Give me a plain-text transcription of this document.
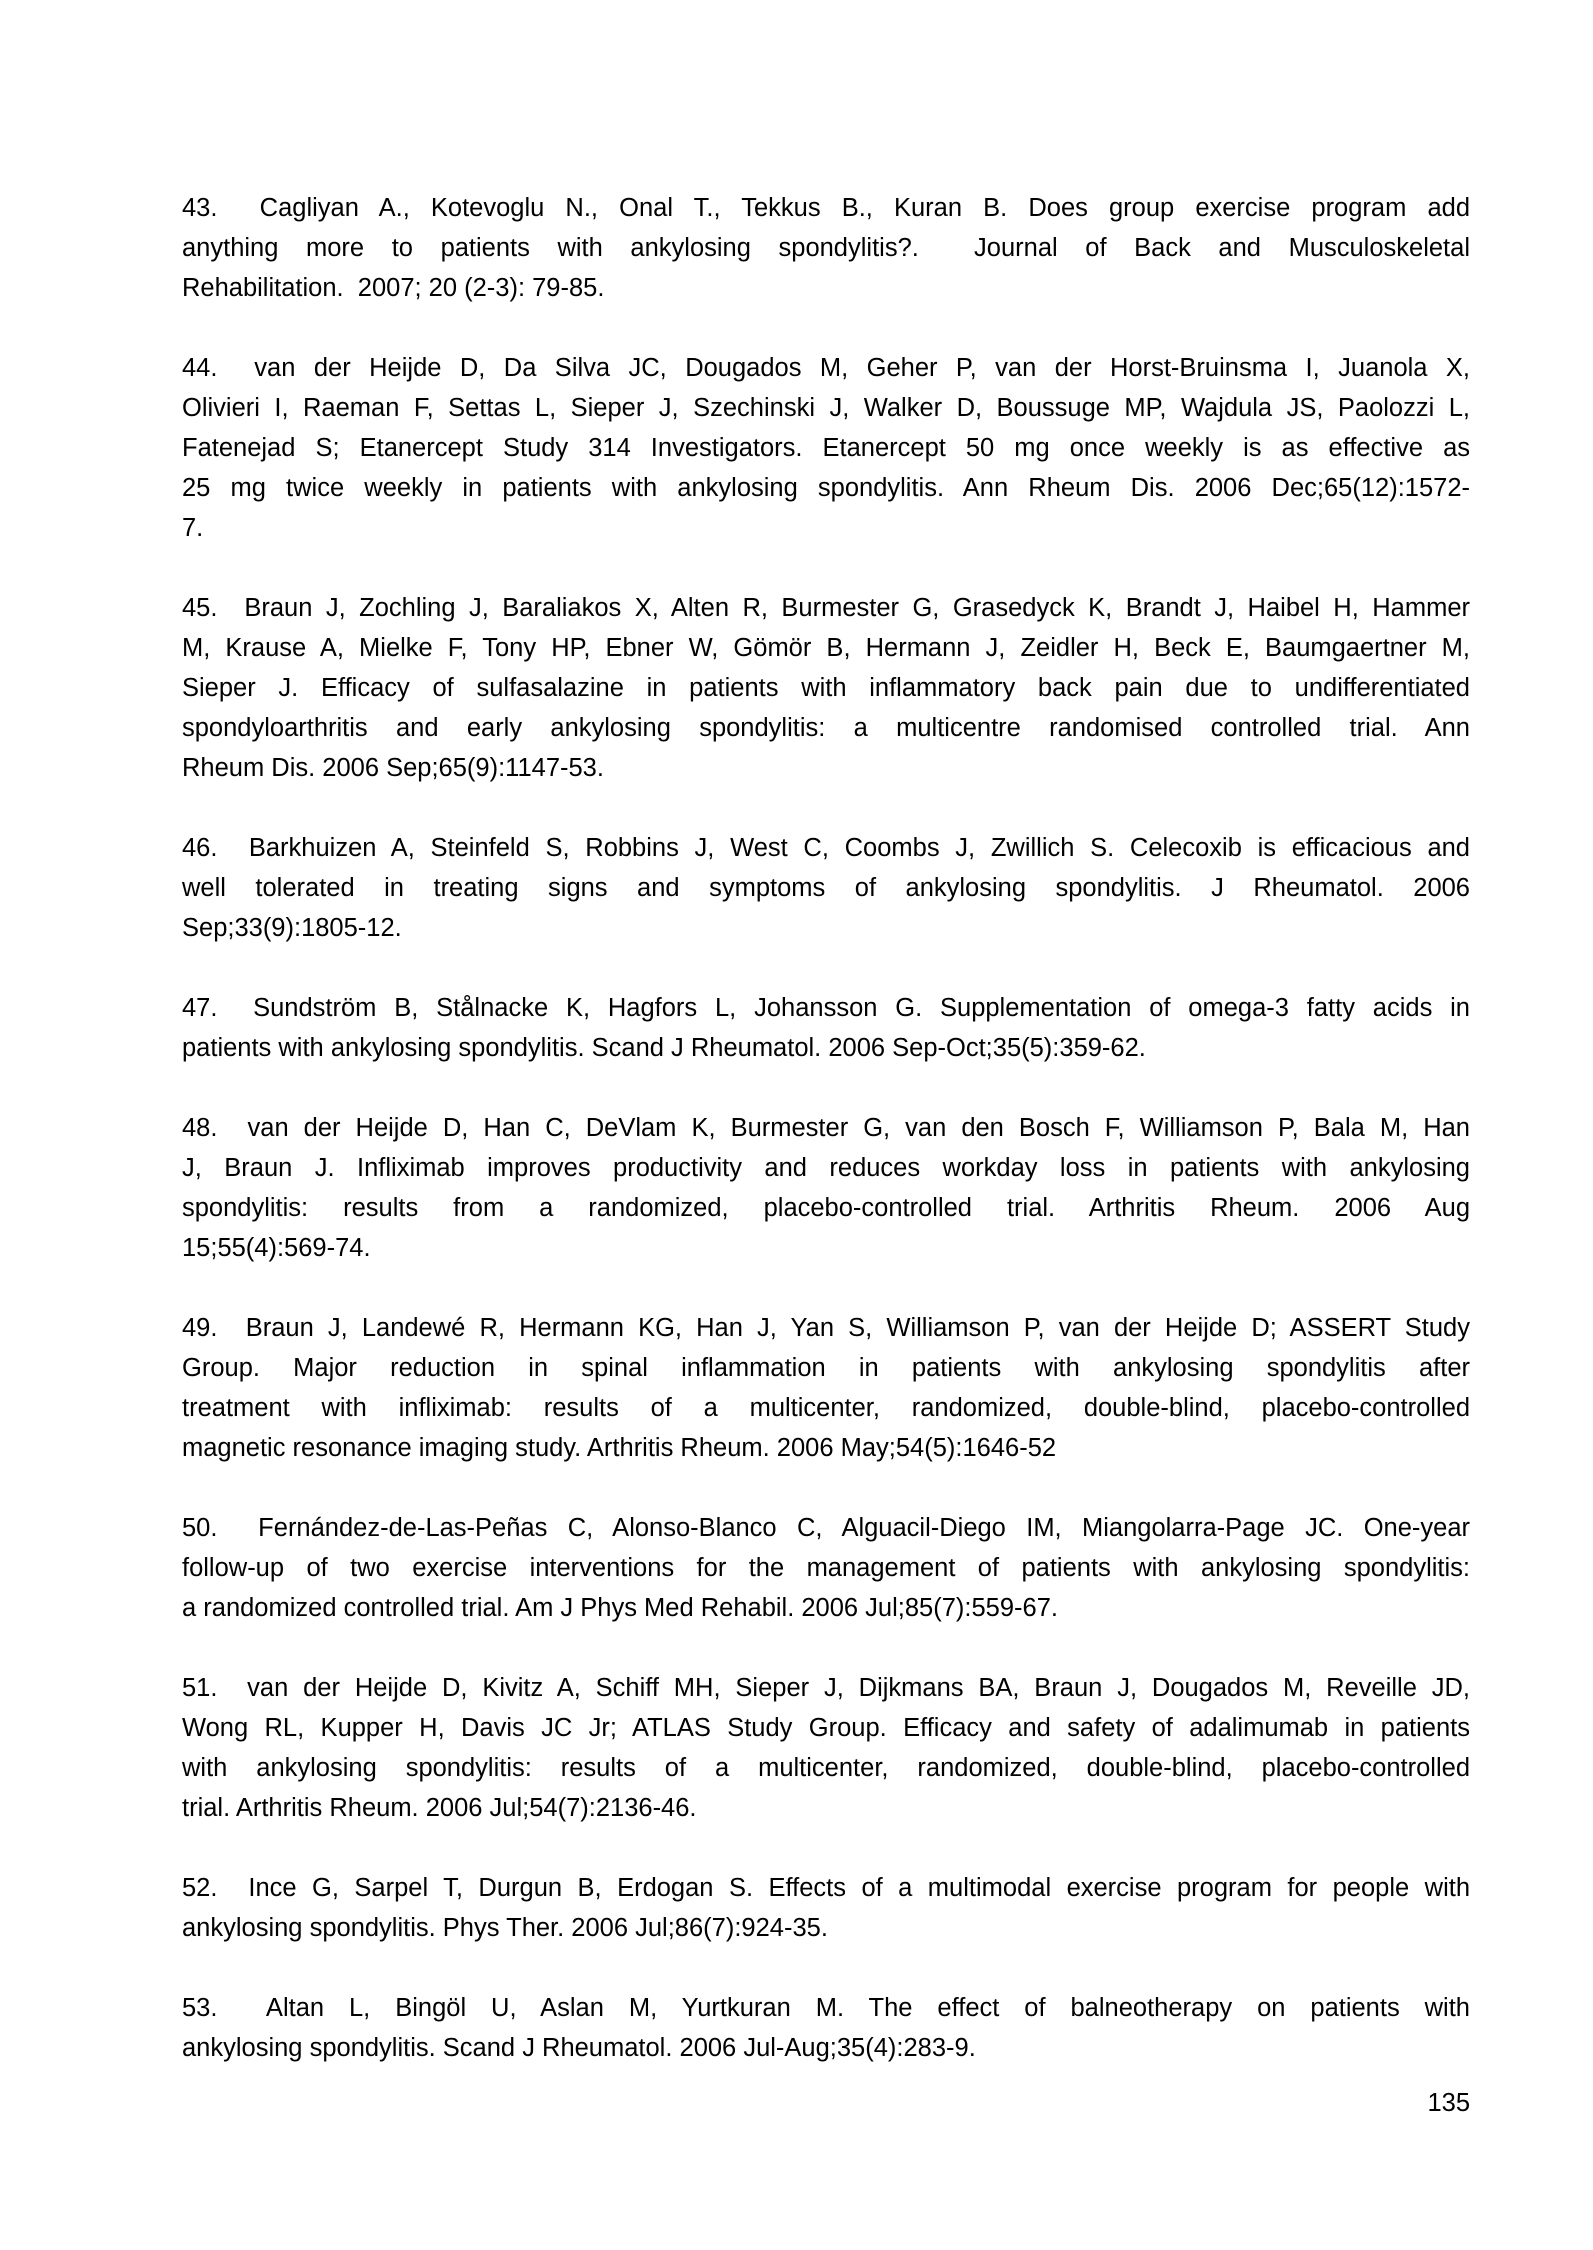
43.  Cagliyan A., Kotevoglu N., Onal T., Tekkus B., Kuran B. Does group exercise program add
anything more to patients with ankylosing spondylitis?.  Journal of Back and Musculoskeletal
Rehabilitation.  2007; 20 (2-3): 79-85.
44.  van der Heijde D, Da Silva JC, Dougados M, Geher P, van der Horst-Bruinsma I, Juanola X,
Olivieri I, Raeman F, Settas L, Sieper J, Szechinski J, Walker D, Boussuge MP, Wajdula JS, Paolozzi L,
Fatenejad S; Etanercept Study 314 Investigators. Etanercept 50 mg once weekly is as effective as
25 mg twice weekly in patients with ankylosing spondylitis. Ann Rheum Dis. 2006 Dec;65(12):1572-
7.
45.  Braun J, Zochling J, Baraliakos X, Alten R, Burmester G, Grasedyck K, Brandt J, Haibel H, Hammer
M, Krause A, Mielke F, Tony HP, Ebner W, Gömör B, Hermann J, Zeidler H, Beck E, Baumgaertner M,
Sieper J. Efficacy of sulfasalazine in patients with inflammatory back pain due to undifferentiated
spondyloarthritis and early ankylosing spondylitis: a multicentre randomised controlled trial. Ann
Rheum Dis. 2006 Sep;65(9):1147-53.
46.  Barkhuizen A, Steinfeld S, Robbins J, West C, Coombs J, Zwillich S. Celecoxib is efficacious and
well tolerated in treating signs and symptoms of ankylosing spondylitis. J Rheumatol. 2006
Sep;33(9):1805-12.
47.  Sundström B, Stålnacke K, Hagfors L, Johansson G. Supplementation of omega-3 fatty acids in
patients with ankylosing spondylitis. Scand J Rheumatol. 2006 Sep-Oct;35(5):359-62.
48.  van der Heijde D, Han C, DeVlam K, Burmester G, van den Bosch F, Williamson P, Bala M, Han
J, Braun J. Infliximab improves productivity and reduces workday loss in patients with ankylosing
spondylitis: results from a randomized, placebo-controlled trial. Arthritis Rheum. 2006 Aug
15;55(4):569-74.
49.  Braun J, Landewé R, Hermann KG, Han J, Yan S, Williamson P, van der Heijde D; ASSERT Study
Group. Major reduction in spinal inflammation in patients with ankylosing spondylitis after
treatment with infliximab: results of a multicenter, randomized, double-blind, placebo-controlled
magnetic resonance imaging study. Arthritis Rheum. 2006 May;54(5):1646-52
50.  Fernández-de-Las-Peñas C, Alonso-Blanco C, Alguacil-Diego IM, Miangolarra-Page JC. One-year
follow-up of two exercise interventions for the management of patients with ankylosing spondylitis:
a randomized controlled trial. Am J Phys Med Rehabil. 2006 Jul;85(7):559-67.
51.  van der Heijde D, Kivitz A, Schiff MH, Sieper J, Dijkmans BA, Braun J, Dougados M, Reveille JD,
Wong RL, Kupper H, Davis JC Jr; ATLAS Study Group. Efficacy and safety of adalimumab in patients
with ankylosing spondylitis: results of a multicenter, randomized, double-blind, placebo-controlled
trial. Arthritis Rheum. 2006 Jul;54(7):2136-46.
52.  Ince G, Sarpel T, Durgun B, Erdogan S. Effects of a multimodal exercise program for people with
ankylosing spondylitis. Phys Ther. 2006 Jul;86(7):924-35.
53.  Altan L, Bingöl U, Aslan M, Yurtkuran M. The effect of balneotherapy on patients with
ankylosing spondylitis. Scand J Rheumatol. 2006 Jul-Aug;35(4):283-9.
135
